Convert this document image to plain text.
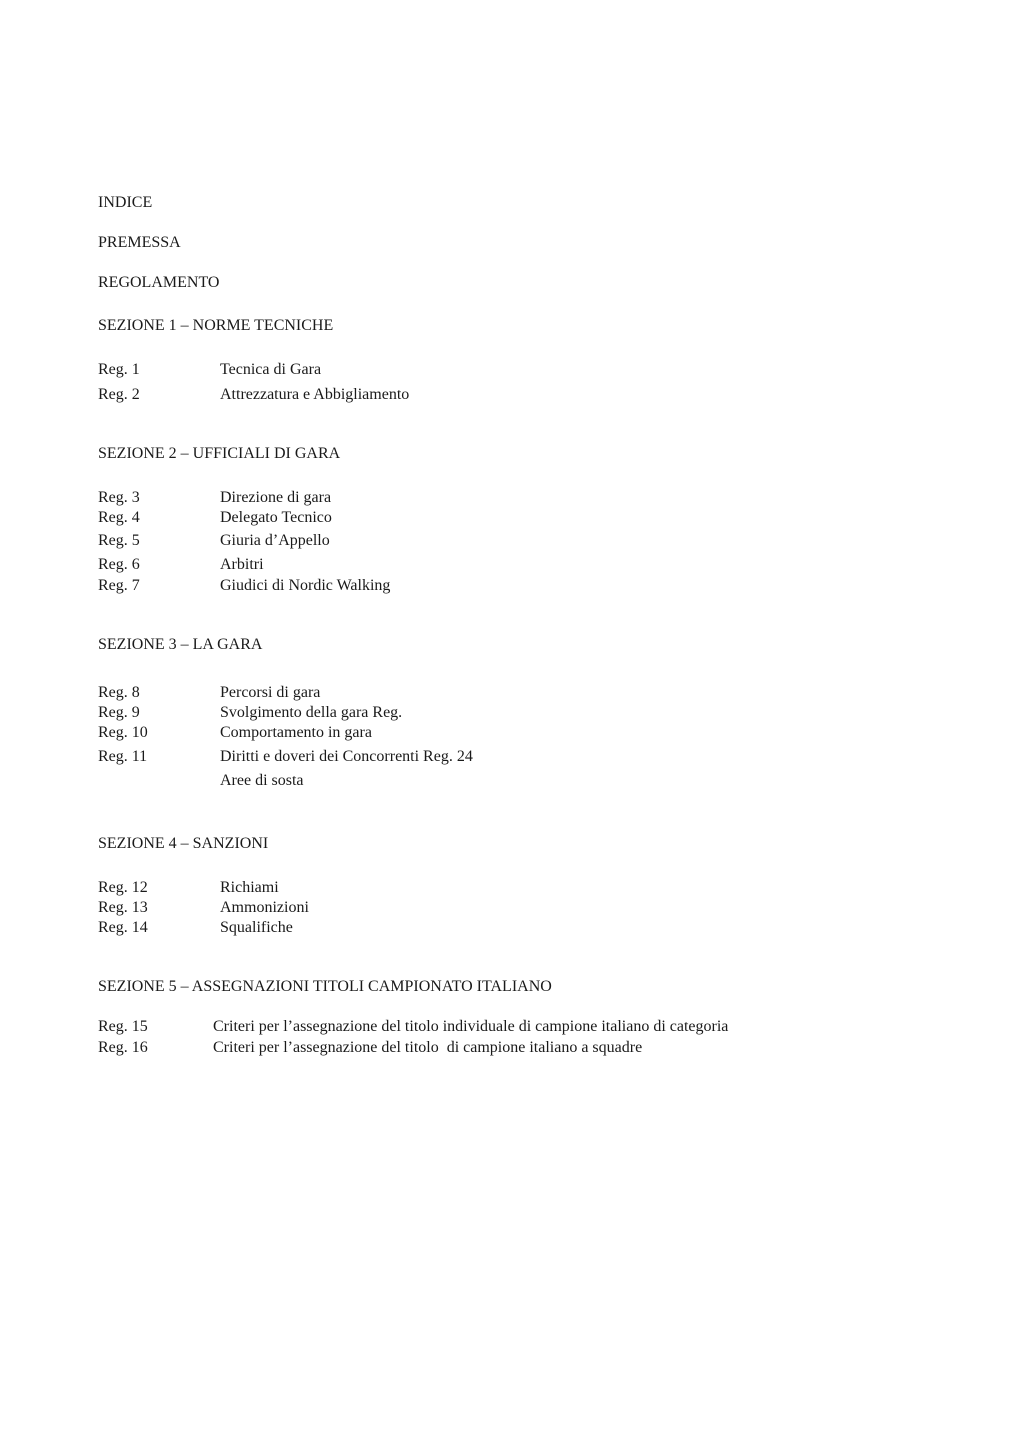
INDICE
PREMESSA
REGOLAMENTO
SEZIONE 1 – NORME TECNICHE
Reg. 1	Tecnica di Gara
Reg. 2	Attrezzatura e Abbigliamento
SEZIONE 2 – UFFICIALI DI GARA
Reg. 3	Direzione di gara
Reg. 4	Delegato Tecnico
Reg. 5	Giuria d’Appello
Reg. 6	Arbitri
Reg. 7	Giudici di Nordic Walking
SEZIONE 3 – LA GARA
Reg. 8	Percorsi di gara
Reg. 9	Svolgimento della gara Reg.
Reg. 10	Comportamento in gara
Reg. 11	Diritti e doveri dei Concorrenti Reg. 24
Aree di sosta
SEZIONE 4 – SANZIONI
Reg. 12	Richiami
Reg. 13	Ammonizioni
Reg. 14	Squalifiche
SEZIONE 5 – ASSEGNAZIONI TITOLI CAMPIONATO ITALIANO
Reg. 15	Criteri per l’assegnazione del titolo individuale di campione italiano di categoria
Reg. 16	Criteri per l’assegnazione del titolo  di campione italiano a squadre
